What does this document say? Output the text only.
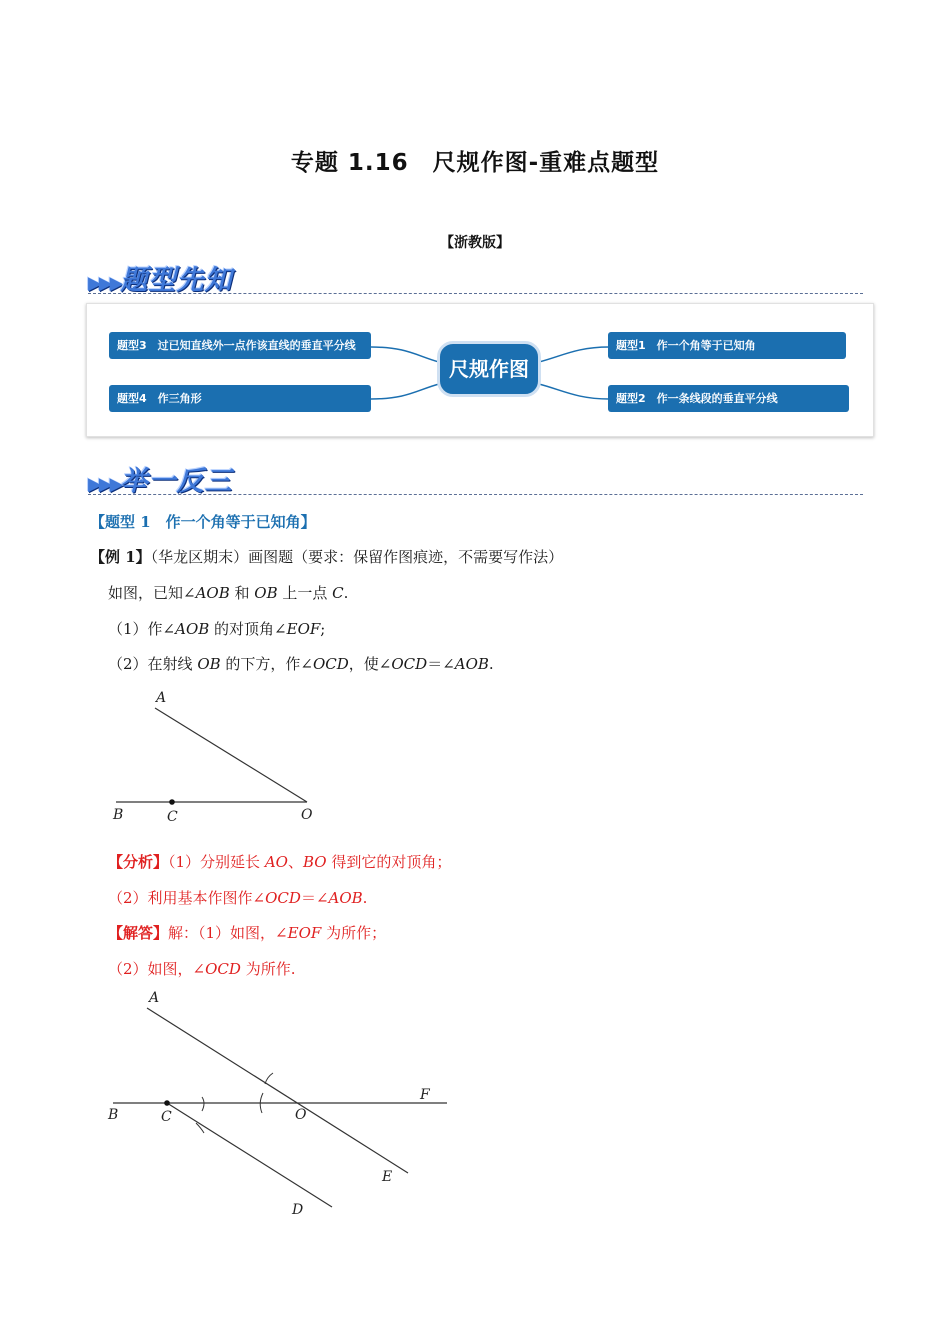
专题 1.16　尺规作图-重难点题型
【浙教版】
▶▶▶题型先知
题型3　过已知直线外一点作该直线的垂直平分线
题型4　作三角形
尺规作图
题型1　作一个角等于已知角
题型2　作一条线段的垂直平分线
▶▶▶举一反三
【题型 1　作一个角等于已知角】
【例 1】（华龙区期末）画图题（要求：保留作图痕迹，不需要写作法）
如图，已知∠AOB 和 OB 上一点 C.
（1）作∠AOB 的对顶角∠EOF;
（2）在射线 OB 的下方，作∠OCD，使∠OCD＝∠AOB.
A
B	C	O
【分析】（1）分别延长 AO、BO 得到它的对顶角；
（2）利用基本作图作∠OCD＝∠AOB.
【解答】解：（1）如图，∠EOF 为所作；
（2）如图，∠OCD 为所作.
A
B	C	O
F
E
D
